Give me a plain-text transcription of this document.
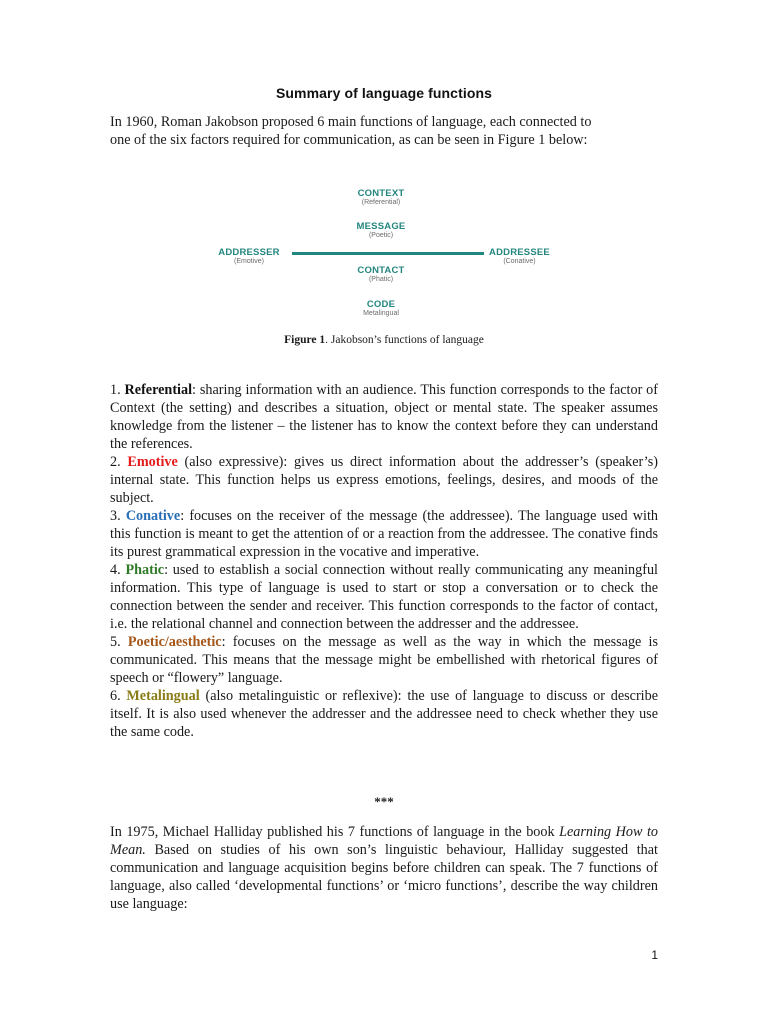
Summary of language functions
In 1960, Roman Jakobson proposed 6 main functions of language, each connected to
one of the six factors required for communication, as can be seen in Figure 1 below:
CONTEXT
(Referential)
MESSAGE
(Poetic)
ADDRESSER
(Emotive)
ADDRESSEE
(Conative)
CONTACT
(Phatic)
CODE
Metalingual
Figure 1. Jakobson’s functions of language

1. Referential: sharing information with an audience. This function corresponds to the factor of Context (the setting) and describes a situation, object or mental state. The speaker assumes knowledge from the listener – the listener has to know the context before they can understand the references.

2. Emotive (also expressive): gives us direct information about the addresser’s (speaker’s) internal state. This function helps us express emotions, feelings, desires, and moods of the subject.

3. Conative: focuses on the receiver of the message (the addressee). The language used with this function is meant to get the attention of or a reaction from the addressee. The conative finds its purest grammatical expression in the vocative and imperative.

4. Phatic: used to establish a social connection without really communicating any meaningful information. This type of language is used to start or stop a conversation or to check the connection between the sender and receiver. This function corresponds to the factor of contact, i.e. the relational channel and connection between the addresser and the addressee.

5. Poetic/aesthetic: focuses on the message as well as the way in which the message is communicated. This means that the message might be embellished with rhetorical figures of speech or “flowery” language.

6. Metalingual (also metalinguistic or reflexive): the use of language to discuss or describe itself. It is also used whenever the addresser and the addressee need to check whether they use the same code.

***
In 1975, Michael Halliday published his 7 functions of language in the book Learning How to Mean. Based on studies of his own son’s linguistic behaviour, Halliday suggested that communication and language acquisition begins before children can speak. The 7 functions of language, also called ‘developmental functions’ or ‘micro functions’, describe the way children use language:
1
